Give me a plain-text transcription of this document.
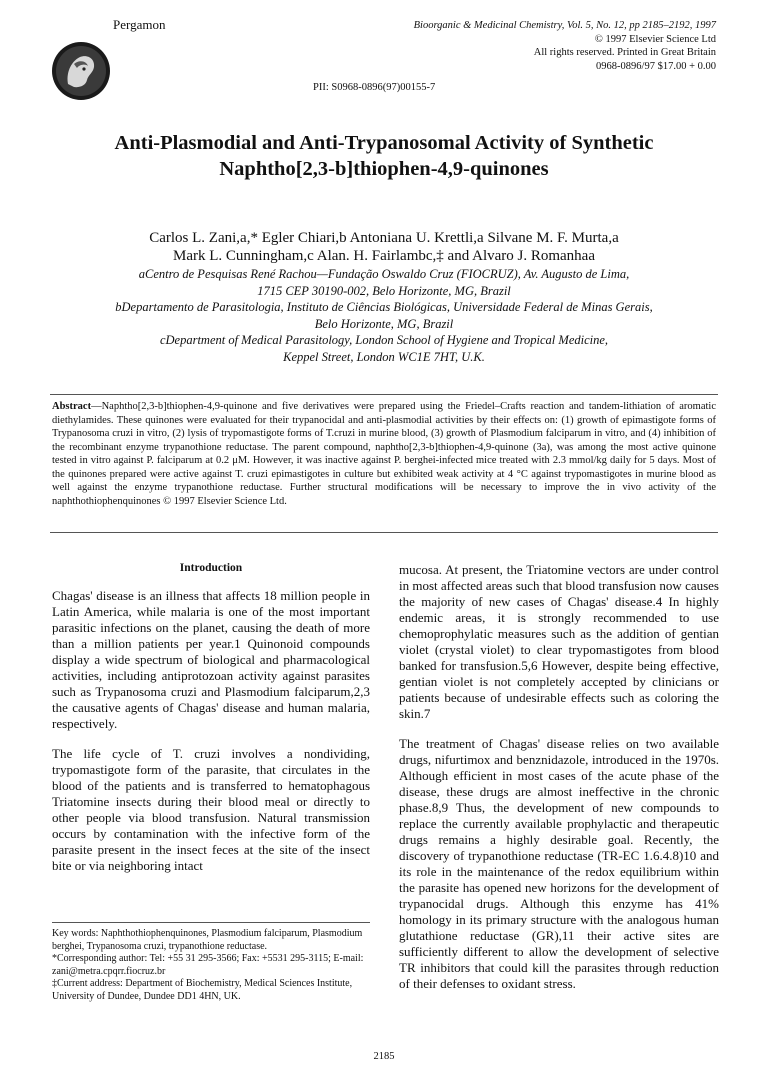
Pergamon
PII: S0968-0896(97)00155-7
Bioorganic & Medicinal Chemistry, Vol. 5, No. 12, pp 2185–2192, 1997
© 1997 Elsevier Science Ltd
All rights reserved. Printed in Great Britain
0968-0896/97 $17.00 + 0.00
Anti-Plasmodial and Anti-Trypanosomal Activity of Synthetic
Naphtho[2,3-b]thiophen-4,9-quinones
Carlos L. Zani,a,* Egler Chiari,b Antoniana U. Krettli,a Silvane M. F. Murta,a
Mark L. Cunningham,c Alan. H. Fairlambc,‡ and Alvaro J. Romanhaa
aCentro de Pesquisas René Rachou—Fundação Oswaldo Cruz (FIOCRUZ), Av. Augusto de Lima,
1715 CEP 30190-002, Belo Horizonte, MG, Brazil
bDepartamento de Parasitologia, Instituto de Ciências Biológicas, Universidade Federal de Minas Gerais,
Belo Horizonte, MG, Brazil
cDepartment of Medical Parasitology, London School of Hygiene and Tropical Medicine,
Keppel Street, London WC1E 7HT, U.K.
Abstract—Naphtho[2,3-b]thiophen-4,9-quinone and five derivatives were prepared using the Friedel–Crafts reaction and tandem-lithiation of aromatic diethylamides. These quinones were evaluated for their trypanocidal and anti-plasmodial activities by their effects on: (1) growth of epimastigote forms of Trypanosoma cruzi in vitro, (2) lysis of trypomastigote forms of T.cruzi in murine blood, (3) growth of Plasmodium falciparum in vitro, and (4) inhibition of the recombinant enzyme trypanothione reductase. The parent compound, naphtho[2,3-b]thiophen-4,9-quinone (3a), was among the most active quinone tested in vitro against P. falciparum at 0.2 μM. However, it was inactive against P. berghei-infected mice treated with 2.3 mmol/kg daily for 5 days. Most of the quinones prepared were active against T. cruzi epimastigotes in culture but exhibited weak activity at 4 °C against trypomastigotes in murine blood as well against the enzyme trypanothione reductase. Further structural modifications will be necessary to improve the in vivo activity of the naphthothiophenquinones © 1997 Elsevier Science Ltd.
Introduction

Chagas' disease is an illness that affects 18 million people in Latin America, while malaria is one of the most important parasitic infections on the planet, causing the death of more than a million patients per year.1 Quinonoid compounds display a wide spectrum of biological and pharmacological activities, including antiprotozoan activity against parasites such as Trypanosoma cruzi and Plasmodium falciparum,2,3 the causative agents of Chagas' disease and human malaria, respectively.

The life cycle of T. cruzi involves a nondividing, trypomastigote form of the parasite, that circulates in the blood of the patients and is transferred to hematophagous Triatomine insects during their blood meal or directly to other people via blood transfusion. Natural transmission occurs by contamination with the infective form of the parasite present in the insect feces at the site of the insect bite or via neighboring intact

mucosa. At present, the Triatomine vectors are under control in most affected areas such that blood transfusion now causes the majority of new cases of Chagas' disease.4 In highly endemic areas, it is strongly recommended to use chemoprophylatic measures such as the addition of gentian violet (crystal violet) to clear trypomastigotes from blood banked for transfusion.5,6 However, despite being effective, gentian violet is not completely accepted by clinicians or patients because of undesirable effects such as coloring the skin.7

The treatment of Chagas' disease relies on two available drugs, nifurtimox and benznidazole, introduced in the 1970s. Although efficient in most cases of the acute phase of the disease, these drugs are almost ineffective in the chronic phase.8,9 Thus, the development of new compounds to replace the currently available prophylactic and therapeutic drugs remains a highly desirable goal. Recently, the discovery of trypanothione reductase (TR-EC 1.6.4.8)10 and its role in the maintenance of the redox equilibrium within the parasite has opened new horizons for the development of trypanocidal drugs. Although this enzyme has 41% homology in its primary structure with the analogous human glutathione reductase (GR),11 their active sites are sufficiently different to allow the development of selective TR inhibitors that could kill the parasites through reduction of their defenses to oxidant stress.

Key words: Naphthothiophenquinones, Plasmodium falciparum, Plasmodium berghei, Trypanosoma cruzi, trypanothione reductase.
*Corresponding author: Tel: +55 31 295-3566; Fax: +5531 295-3115; E-mail: zani@metra.cpqrr.fiocruz.br
‡Current address: Department of Biochemistry, Medical Sciences Institute, University of Dundee, Dundee DD1 4HN, UK.
2185
